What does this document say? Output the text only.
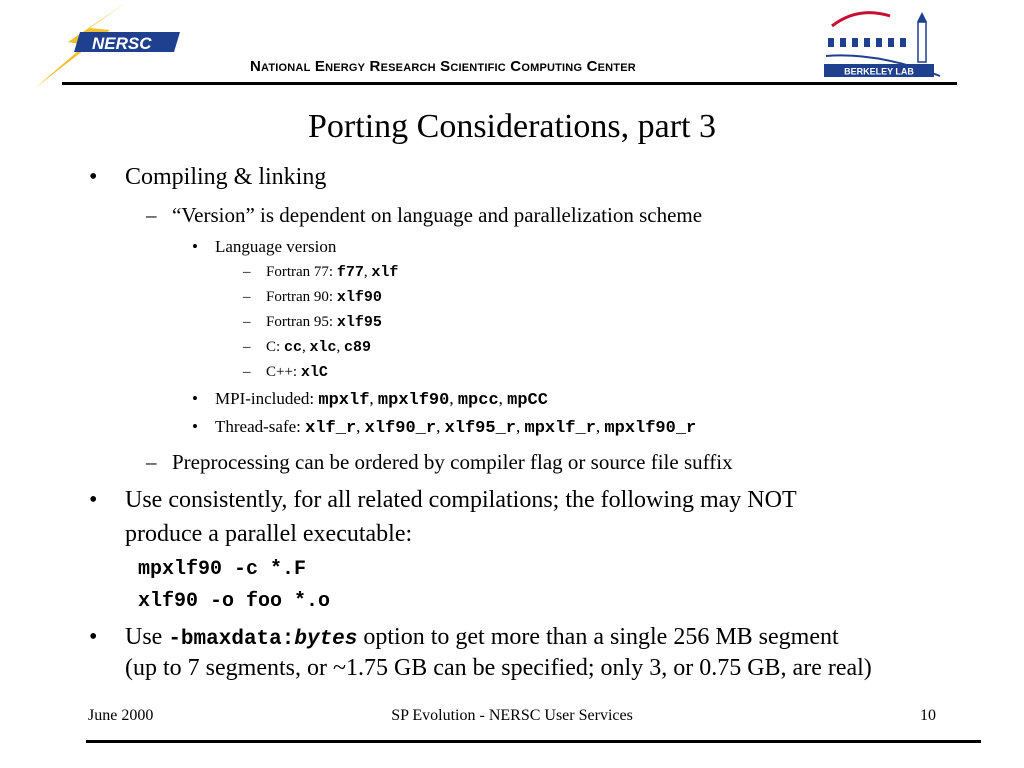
NERSC
BERKELEY LAB
National Energy Research Scientific Computing Center
Porting Considerations, part 3
• Compiling & linking
– “Version” is dependent on language and parallelization scheme
• Language version
– Fortran 77: f77, xlf
– Fortran 90: xlf90
– Fortran 95: xlf95
– C: cc, xlc, c89
– C++: xlC
• MPI-included: mpxlf, mpxlf90, mpcc, mpCC
• Thread-safe: xlf_r, xlf90_r, xlf95_r, mpxlf_r, mpxlf90_r
– Preprocessing can be ordered by compiler flag or source file suffix
• Use consistently, for all related compilations; the following may NOT
produce a parallel executable:
mpxlf90 -c *.F
xlf90 -o foo *.o
• Use -bmaxdata:bytes option to get more than a single 256 MB segment
(up to 7 segments, or ~1.75 GB can be specified; only 3, or 0.75 GB, are real)
June 2000	SP Evolution - NERSC User Services	10
